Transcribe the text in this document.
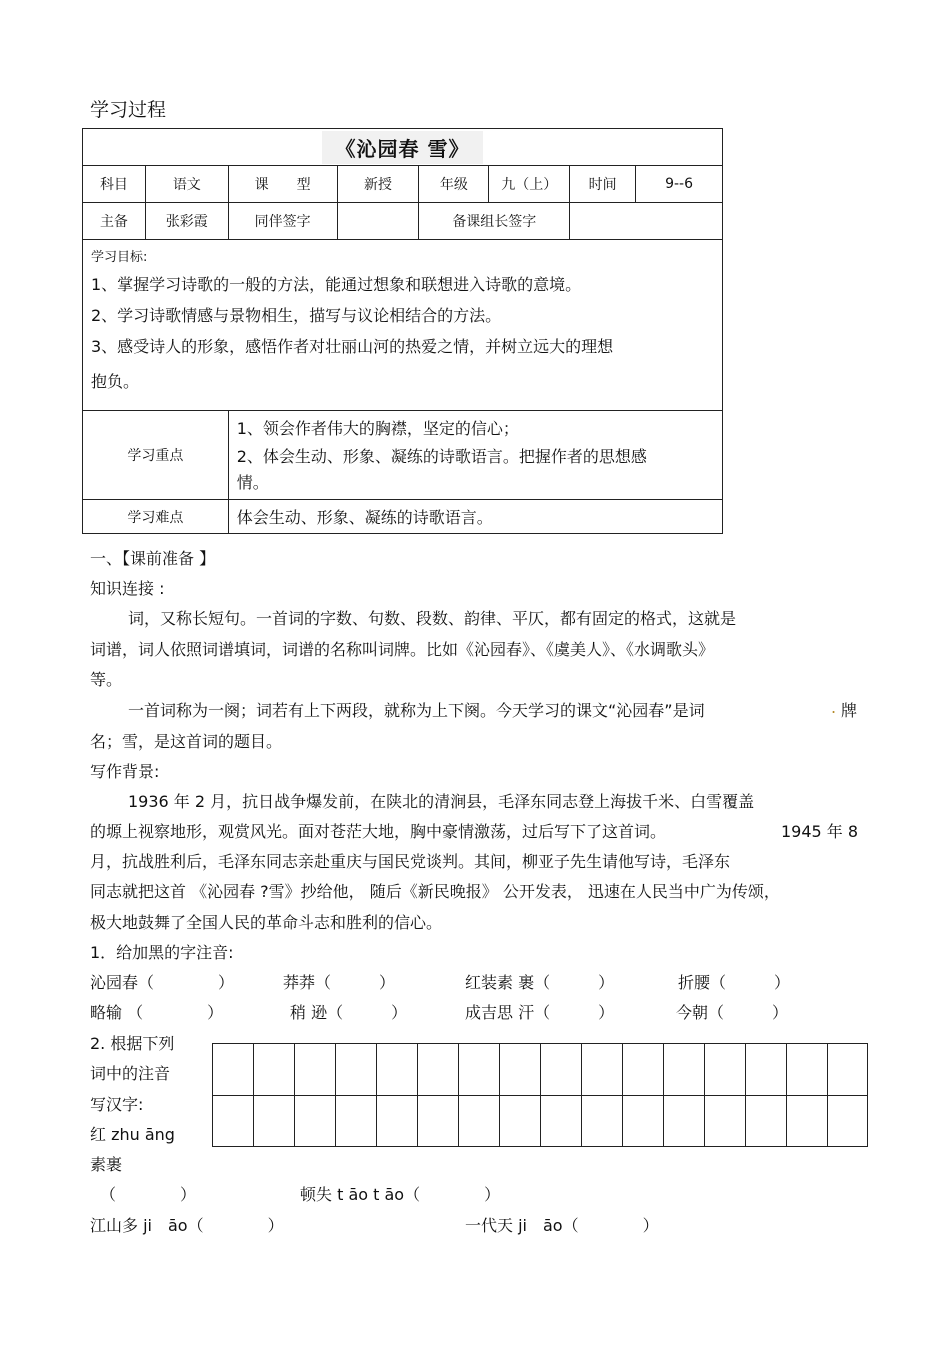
学习过程
《沁园春 雪》							
科目	语文	课　　型	新授	年级	九（上）	时间	9--6
主备	张彩霞	同伴签字		备课组长签字			

学习目标:
1、掌握学习诗歌的一般的方法，能通过想象和联想进入诗歌的意境。
2、学习诗歌情感与景物相生，描写与议论相结合的方法。
3、感受诗人的形象，感悟作者对壮丽山河的热爱之情，并树立远大的理想
抱负。							

学习重点		1、领会作者伟大的胸襟，坚定的信心；
2、体会生动、形象、凝练的诗歌语言。把握作者的思想感
情。					

学习难点		体会生动、形象、凝练的诗歌语言。					
一、【课前准备 】
知识连接 :
词，又称长短句。一首词的字数、句数、段数、韵律、平仄，都有固定的格式，这就是
词谱，词人依照词谱填词，词谱的名称叫词牌。比如《沁园春》、《虞美人》、《水调歌头》
等。
一首词称为一阕；词若有上下两段，就称为上下阕。今天学习的课文“沁园春”是词	. 牌
名；雪，是这首词的题目。
写作背景:
1936 年 2 月，抗日战争爆发前，在陕北的清涧县，毛泽东同志登上海拔千米、白雪覆盖
的塬上视察地形，观赏风光。面对苍茫大地，胸中豪情激荡，过后写下了这首词。	1945 年 8
月，抗战胜利后，毛泽东同志亲赴重庆与国民党谈判。其间，柳亚子先生请他写诗，毛泽东
同志就把这首 《沁园春 ?雪》抄给他， 随后《新民晚报》 公开发表， 迅速在人民当中广为传颂，
极大地鼓舞了全国人民的革命斗志和胜利的信心。
1．给加黑的字注音:
沁园春（　　　　）	莽莽（　　　）	红装素 裹（　　　）	折腰（　　　）
略输 （　　　　）	稍 逊（　　　）	成吉思 汗（　　　）	今朝（　　　）
2. 根据下列
词中的注音
写汉字:
红 zhu āng
素裹
（　　　　）	顿失 t āo t āo（　　　　）
江山多 ji　āo（　　　　）	一代天 ji　āo（　　　　）
